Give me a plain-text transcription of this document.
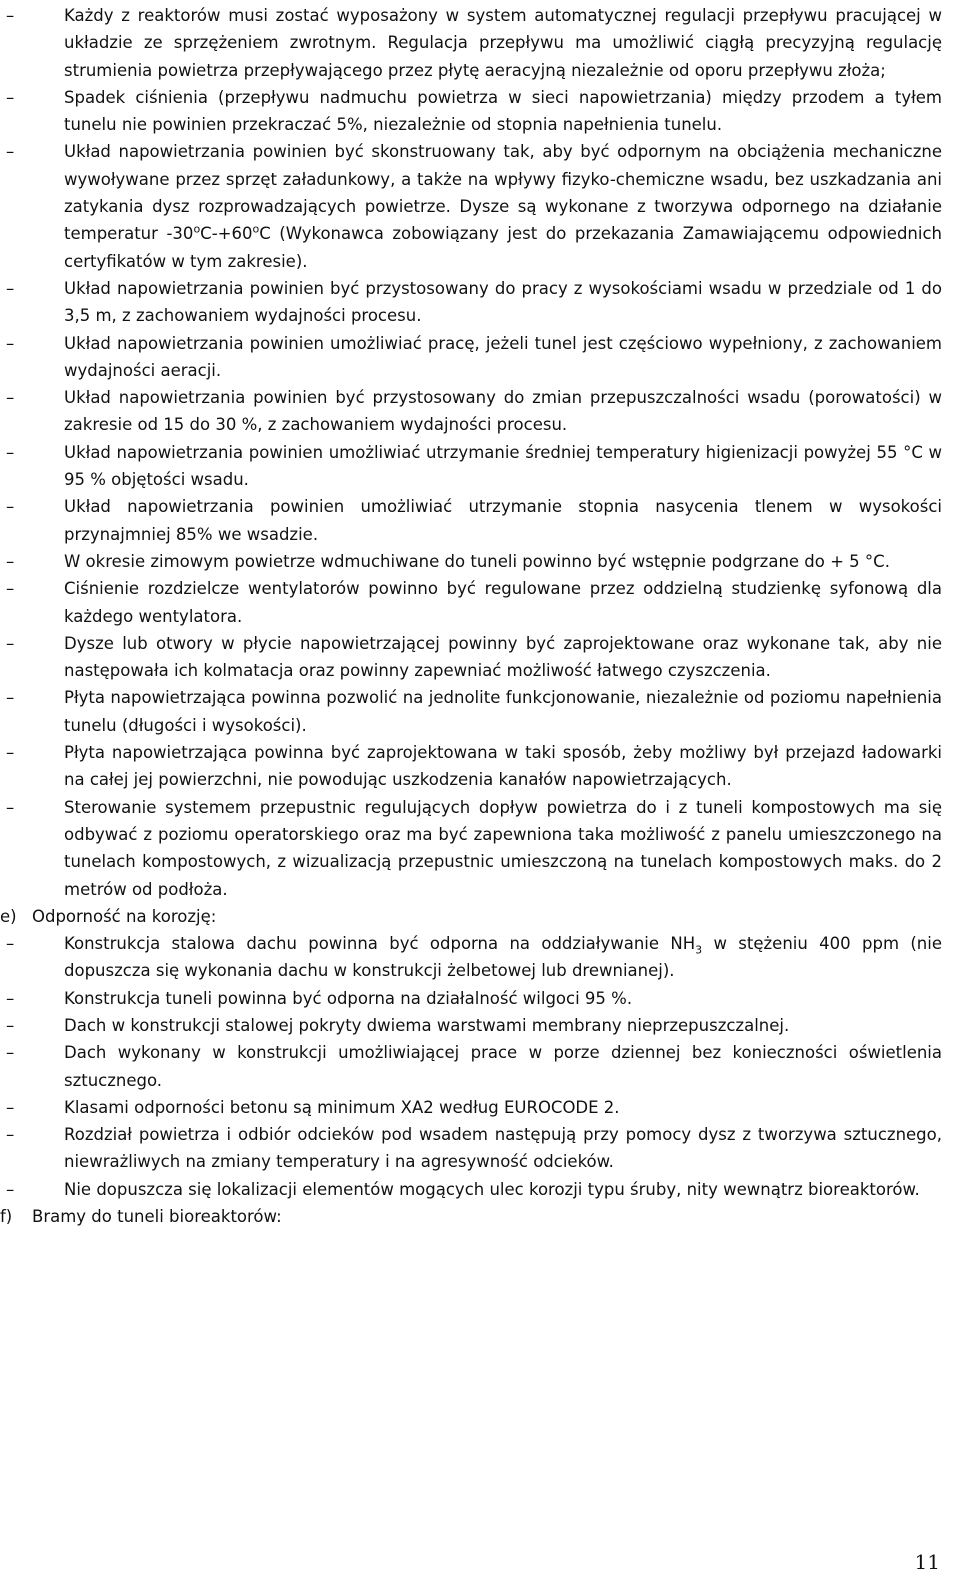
–	Każdy z reaktorów musi zostać wyposażony w system automatycznej regulacji przepływu pracującej w układzie ze sprzężeniem zwrotnym. Regulacja przepływu ma umożliwić ciągłą precyzyjną regulację strumienia powietrza przepływającego przez płytę aeracyjną niezależnie od oporu przepływu złoża;
–	Spadek ciśnienia (przepływu nadmuchu powietrza w sieci napowietrzania) między przodem a tyłem tunelu nie powinien przekraczać 5%, niezależnie od stopnia napełnienia tunelu.
–	Układ napowietrzania powinien być skonstruowany tak, aby być odpornym na obciążenia mechaniczne wywoływane przez sprzęt załadunkowy, a także na wpływy fizyko-chemiczne wsadu, bez uszkadzania ani zatykania dysz rozprowadzających powietrze. Dysze są wykonane z tworzywa odpornego na działanie temperatur $-30^oC-+60^oC$ (Wykonawca zobowiązany jest do przekazania Zamawiającemu odpowiednich certyfikatów w tym zakresie).
–	Układ napowietrzania powinien być przystosowany do pracy z wysokościami wsadu w przedziale od 1 do 3,5 m, z zachowaniem wydajności procesu.
–	Układ napowietrzania powinien umożliwiać pracę, jeżeli tunel jest częściowo wypełniony, z zachowaniem wydajności aeracji.
–	Układ napowietrzania powinien być przystosowany do zmian przepuszczalności wsadu (porowatości) w zakresie od 15 do 30 %, z zachowaniem wydajności procesu.
–	Układ napowietrzania powinien umożliwiać utrzymanie średniej temperatury higienizacji powyżej 55 °C w 95 % objętości wsadu.
–	Układ napowietrzania powinien umożliwiać utrzymanie stopnia nasycenia tlenem w wysokości przynajmniej 85% we wsadzie.
–	W okresie zimowym powietrze wdmuchiwane do tuneli powinno być wstępnie podgrzane do + 5 °C.
–	Ciśnienie rozdzielcze wentylatorów powinno być regulowane przez oddzielną studzienkę syfonową dla każdego wentylatora.
–	Dysze lub otwory w płycie napowietrzającej powinny być zaprojektowane oraz wykonane tak, aby nie następowała ich kolmatacja oraz powinny zapewniać możliwość łatwego czyszczenia.
–	Płyta napowietrzająca powinna pozwolić na jednolite funkcjonowanie, niezależnie od poziomu napełnienia tunelu (długości i wysokości).
–	Płyta napowietrzająca powinna być zaprojektowana w taki sposób, żeby możliwy był przejazd ładowarki na całej jej powierzchni, nie powodując uszkodzenia kanałów napowietrzających.
–	Sterowanie systemem przepustnic regulujących dopływ powietrza do i z tuneli kompostowych ma się odbywać z poziomu operatorskiego oraz ma być zapewniona taka możliwość z panelu umieszczonego na tunelach kompostowych, z wizualizacją przepustnic umieszczoną na tunelach kompostowych maks. do 2 metrów od podłoża.
e) Odporność na korozję:
–	Konstrukcja stalowa dachu powinna być odporna na oddziaływanie $NH_3$ w stężeniu 400 ppm (nie dopuszcza się wykonania dachu w konstrukcji żelbetowej lub drewnianej).
–	Konstrukcja tuneli powinna być odporna na działalność wilgoci 95 %.
–	Dach w konstrukcji stalowej pokryty dwiema warstwami membrany nieprzepuszczalnej.
–	Dach wykonany w konstrukcji umożliwiającej prace w porze dziennej bez konieczności oświetlenia sztucznego.
–	Klasami odporności betonu są minimum XA2 według EUROCODE 2.
–	Rozdział powietrza i odbiór odcieków pod wsadem następują przy pomocy dysz z tworzywa sztucznego, niewrażliwych na zmiany temperatury i na agresywność odcieków.
–	Nie dopuszcza się lokalizacji elementów mogących ulec korozji typu śruby, nity wewnątrz bioreaktorów.
f) Bramy do tuneli bioreaktorów:
11
